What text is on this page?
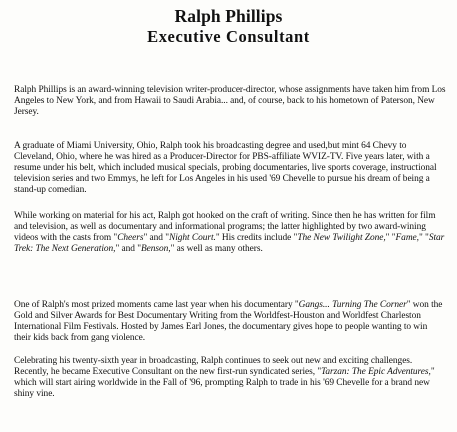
Ralph Phillips
Executive Consultant

Ralph Phillips is an award-winning television writer-producer-director, whose assignments have taken him from Los Angeles to New York, and from Hawaii to Saudi Arabia... and, of course, back to his hometown of Paterson, New Jersey.

A graduate of Miami University, Ohio, Ralph took his broadcasting degree and used,but mint 64 Chevy to Cleveland, Ohio, where he was hired as a Producer-Director for PBS-affiliate WVIZ-TV. Five years later, with a resume under his belt, which included musical specials, probing documentaries, live sports coverage, instructional television series and two Emmys, he left for Los Angeles in his used '69 Chevelle to pursue his dream of being a stand-up comedian.

While working on material for his act, Ralph got hooked on the craft of writing. Since then he has written for film and television, as well as documentary and informational programs; the latter highlighted by two award-wining videos with the casts from "Cheers" and "Night Court." His credits include "The New Twilight Zone," "Fame," "Star Trek: The Next Generation," and "Benson," as well as many others.

One of Ralph's most prized moments came last year when his documentary "Gangs... Turning The Corner" won the Gold and Silver Awards for Best Documentary Writing from the Worldfest-Houston and Worldfest Charleston International Film Festivals. Hosted by James Earl Jones, the documentary gives hope to people wanting to win their kids back from gang violence.

Celebrating his twenty-sixth year in broadcasting, Ralph continues to seek out new and exciting challenges. Recently, he became Executive Consultant on the new first-run syndicated series, "Tarzan: The Epic Adventures," which will start airing worldwide in the Fall of '96, prompting Ralph to trade in his '69 Chevelle for a brand new shiny vine.
